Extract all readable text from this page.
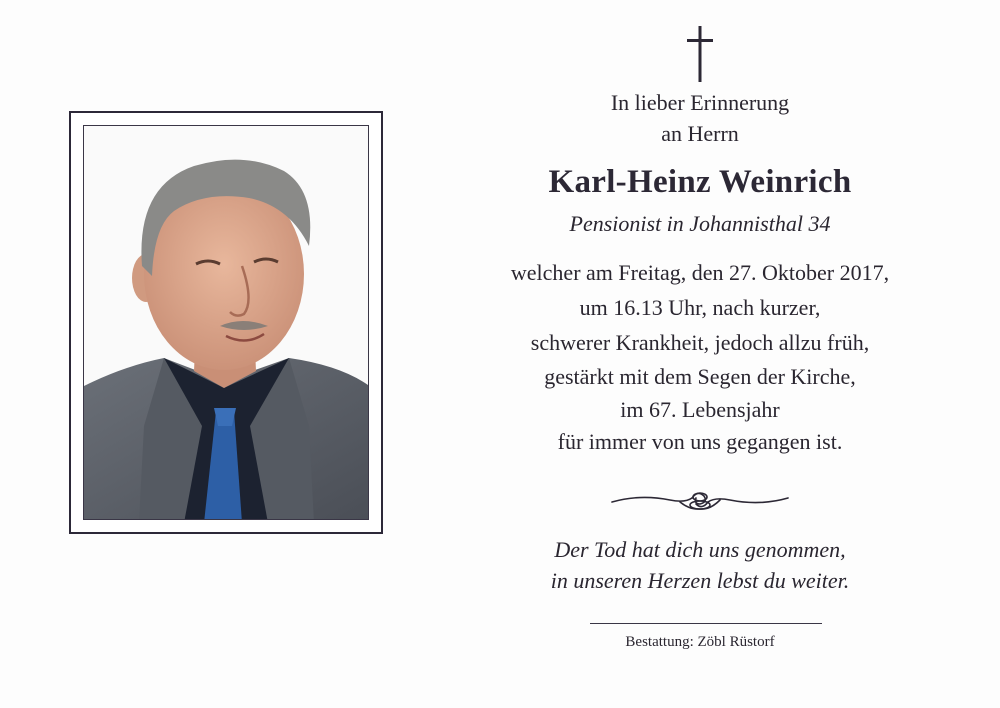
In lieber Erinnerung
an Herrn
Karl-Heinz Weinrich
Pensionist in Johannisthal 34
welcher am Freitag, den 27. Oktober 2017,
um 16.13 Uhr, nach kurzer,
schwerer Krankheit, jedoch allzu früh,
gestärkt mit dem Segen der Kirche,
im 67. Lebensjahr
für immer von uns gegangen ist.
Der Tod hat dich uns genommen,
in unseren Herzen lebst du weiter.
Bestattung: Zöbl Rüstorf
